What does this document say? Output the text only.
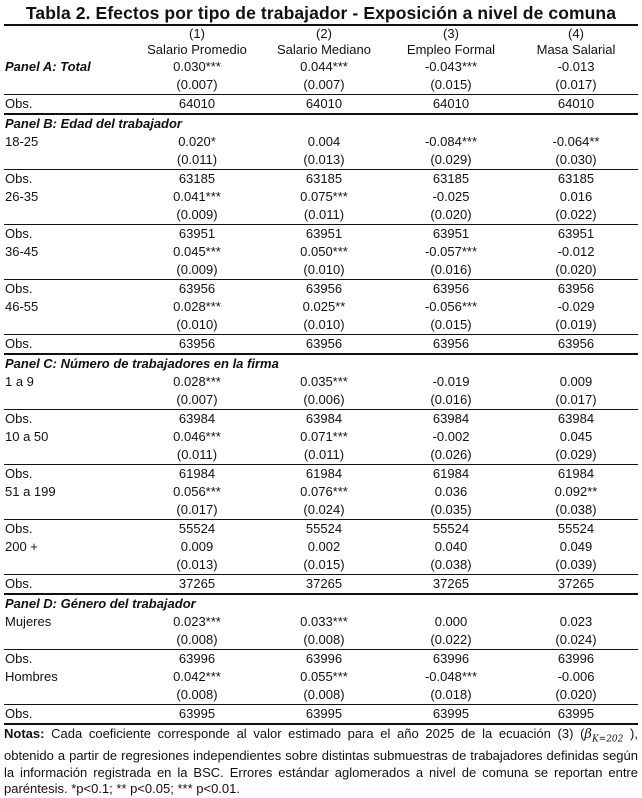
Tabla 2. Efectos por tipo de trabajador - Exposición a nivel de comuna
	(1)	(2)	(3)	(4)
	Salario Promedio	Salario Mediano	Empleo Formal	Masa Salarial
Panel A: Total	0.030***	0.044***	-0.043***	-0.013
	(0.007)	(0.007)	(0.015)	(0.017)
Obs.	64010	64010	64010	64010
Panel B: Edad del trabajador				
18-25	0.020*	0.004	-0.084***	-0.064**
	(0.011)	(0.013)	(0.029)	(0.030)
Obs.	63185	63185	63185	63185
26-35	0.041***	0.075***	-0.025	0.016
	(0.009)	(0.011)	(0.020)	(0.022)
Obs.	63951	63951	63951	63951
36-45	0.045***	0.050***	-0.057***	-0.012
	(0.009)	(0.010)	(0.016)	(0.020)
Obs.	63956	63956	63956	63956
46-55	0.028***	0.025**	-0.056***	-0.029
	(0.010)	(0.010)	(0.015)	(0.019)
Obs.	63956	63956	63956	63956
Panel C: Número de trabajadores en la firma				
1 a 9	0.028***	0.035***	-0.019	0.009
	(0.007)	(0.006)	(0.016)	(0.017)
Obs.	63984	63984	63984	63984
10 a 50	0.046***	0.071***	-0.002	0.045
	(0.011)	(0.011)	(0.026)	(0.029)
Obs.	61984	61984	61984	61984
51 a 199	0.056***	0.076***	0.036	0.092**
	(0.017)	(0.024)	(0.035)	(0.038)
Obs.	55524	55524	55524	55524
200 +	0.009	0.002	0.040	0.049
	(0.013)	(0.015)	(0.038)	(0.039)
Obs.	37265	37265	37265	37265
Panel D: Género del trabajador				
Mujeres	0.023***	0.033***	0.000	0.023
	(0.008)	(0.008)	(0.022)	(0.024)
Obs.	63996	63996	63996	63996
Hombres	0.042***	0.055***	-0.048***	-0.006
	(0.008)	(0.008)	(0.018)	(0.020)
Obs.	63995	63995	63995	63995
Notas: Cada coeficiente corresponde al valor estimado para el año 2025 de la ecuación (3) ($\beta_{K=202}$ ), obtenido a partir de regresiones independientes sobre distintas submuestras de trabajadores definidas según la información registrada en la BSC. Errores estándar aglomerados a nivel de comuna se reportan entre paréntesis. *p<0.1; ** p<0.05; *** p<0.01.
